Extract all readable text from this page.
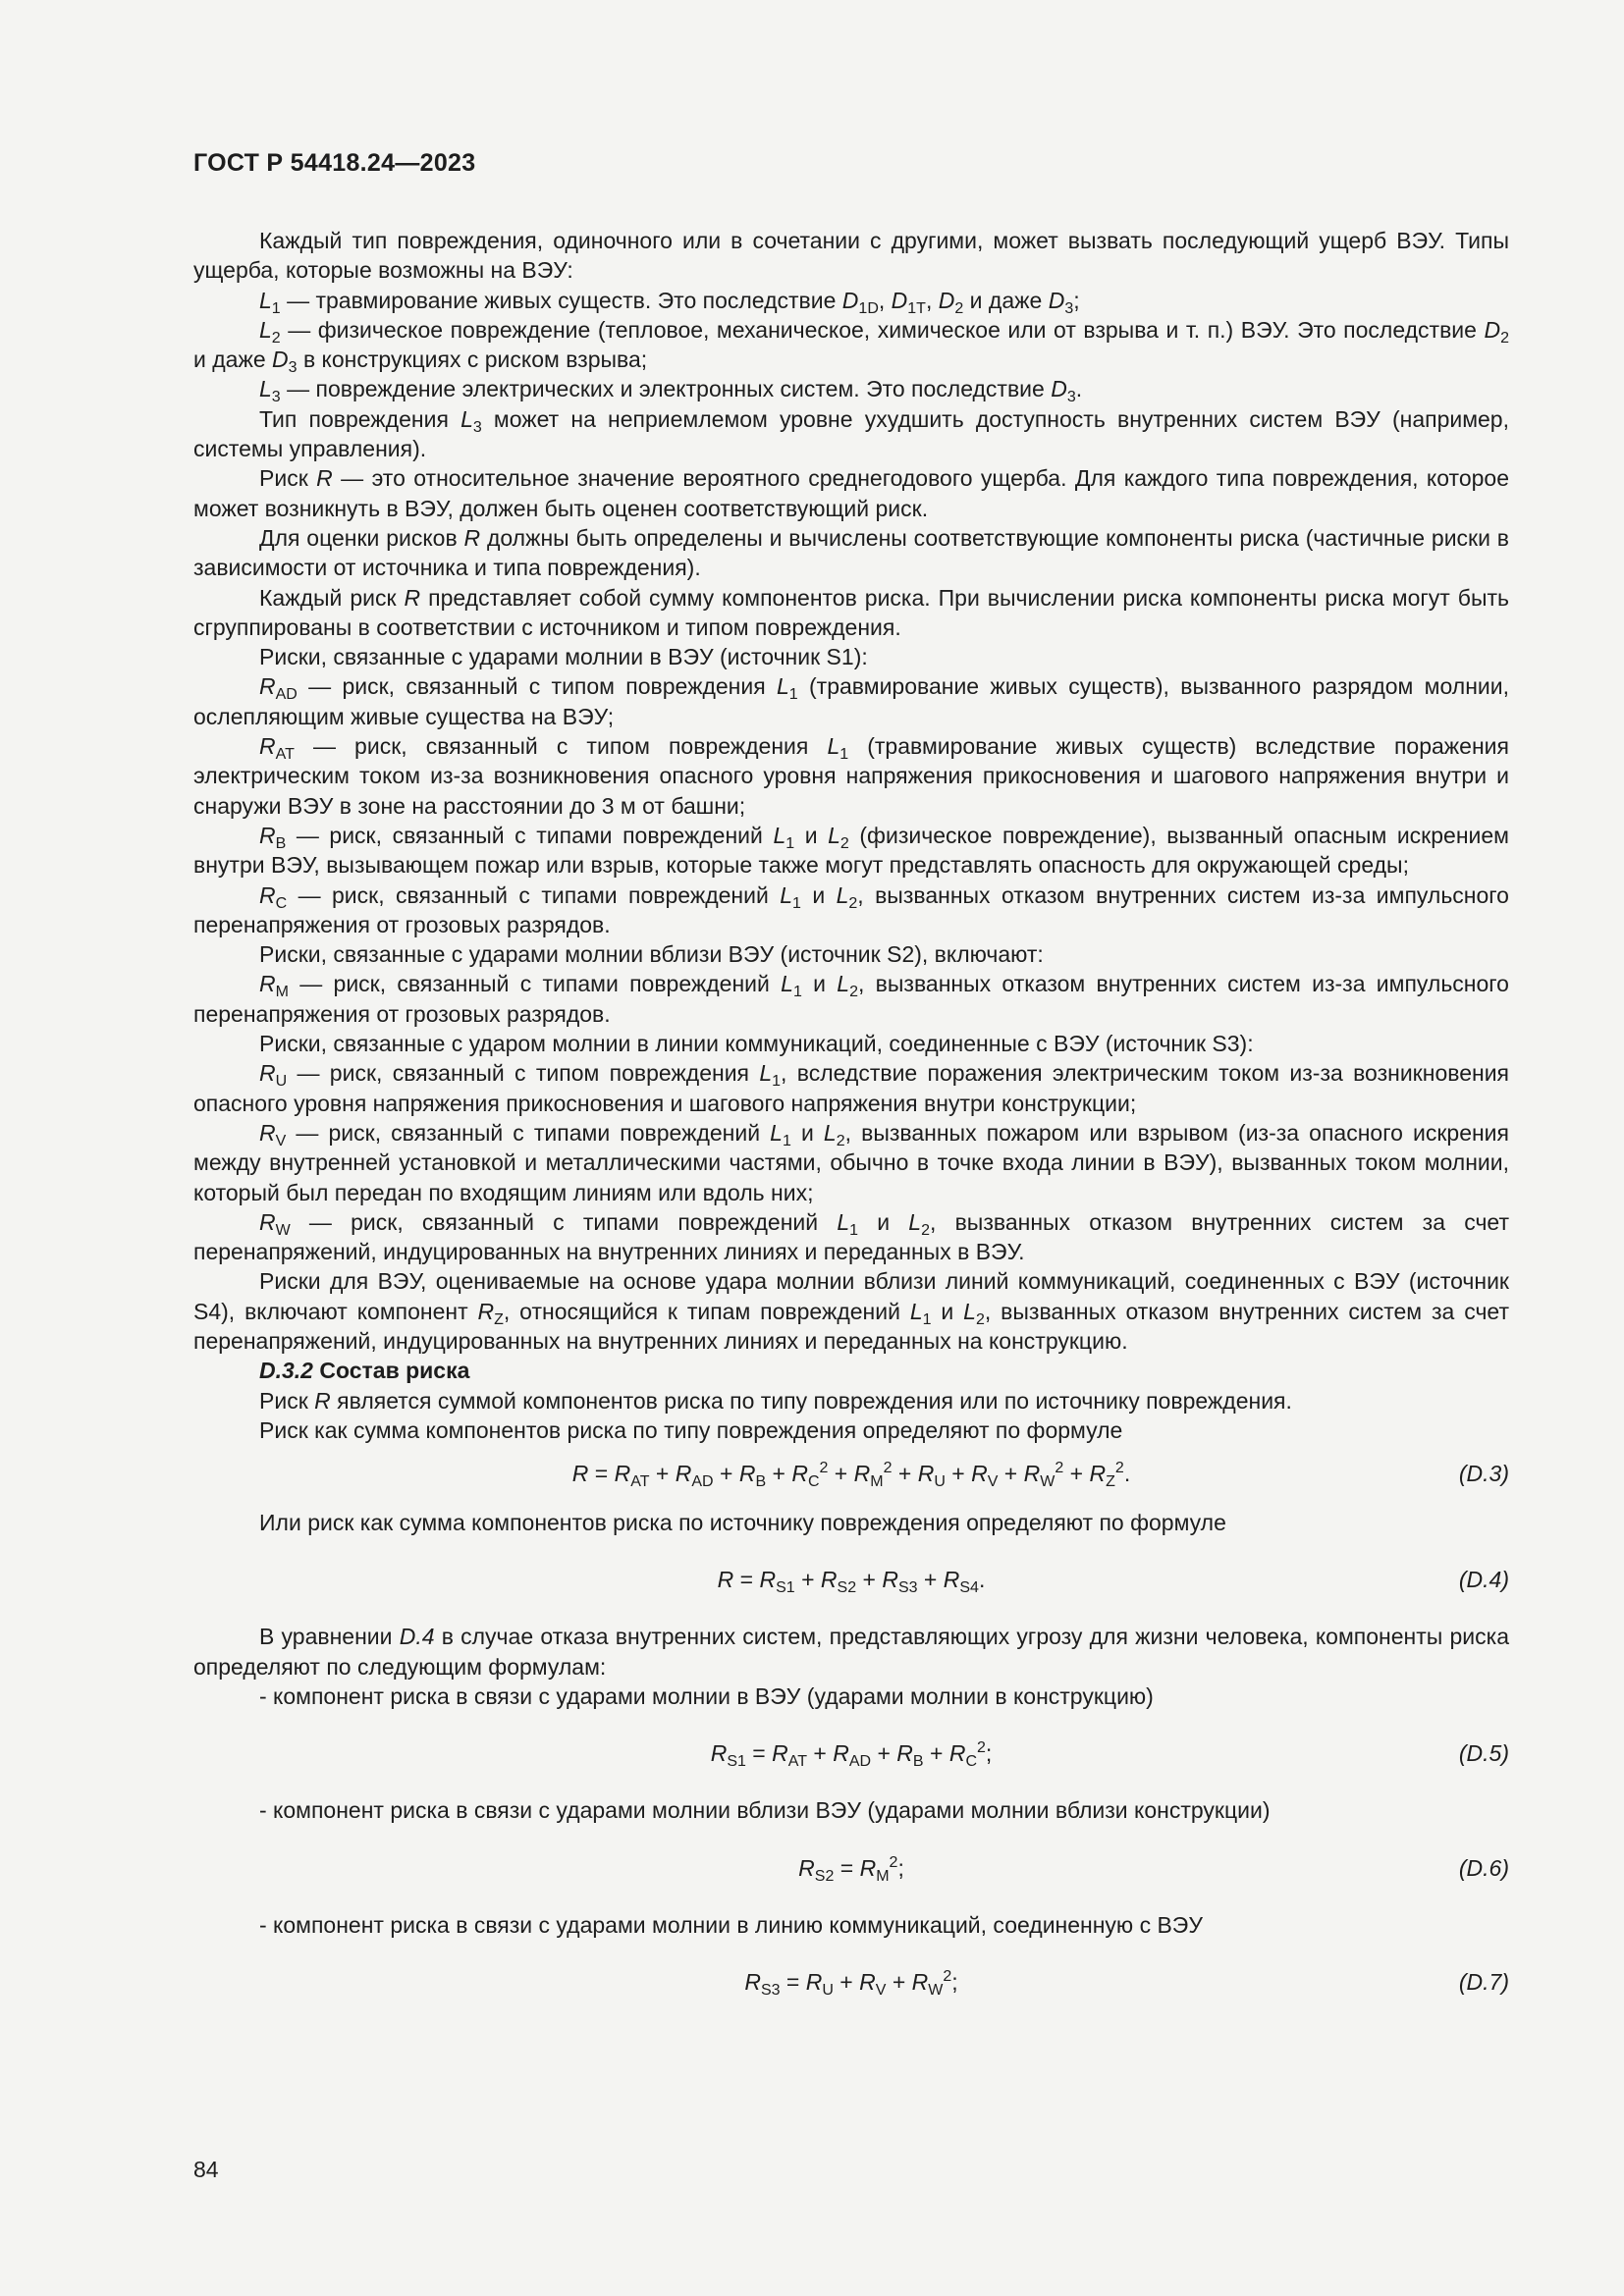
ГОСТ Р 54418.24—2023

Каждый тип повреждения, одиночного или в сочетании с другими, может вызвать последующий ущерб ВЭУ. Типы ущерба, которые возможны на ВЭУ:

$L_1$ — травмирование живых существ. Это последствие $D_{1D}$, $D_{1T}$, $D_2$ и даже $D_3$;

$L_2$ — физическое повреждение (тепловое, механическое, химическое или от взрыва и т. п.) ВЭУ. Это последствие $D_2$ и даже $D_3$ в конструкциях с риском взрыва;

$L_3$ — повреждение электрических и электронных систем. Это последствие $D_3$.

Тип повреждения $L_3$ может на неприемлемом уровне ухудшить доступность внутренних систем ВЭУ (например, системы управления).

Риск R — это относительное значение вероятного среднегодового ущерба. Для каждого типа повреждения, которое может возникнуть в ВЭУ, должен быть оценен соответствующий риск.

Для оценки рисков R должны быть определены и вычислены соответствующие компоненты риска (частичные риски в зависимости от источника и типа повреждения).

Каждый риск R представляет собой сумму компонентов риска. При вычислении риска компоненты риска могут быть сгруппированы в соответствии с источником и типом повреждения.

Риски, связанные с ударами молнии в ВЭУ (источник S1):

$R_{AD}$ — риск, связанный с типом повреждения $L_1$ (травмирование живых существ), вызванного разрядом молнии, ослепляющим живые существа на ВЭУ;

$R_{AT}$ — риск, связанный с типом повреждения $L_1$ (травмирование живых существ) вследствие поражения электрическим током из-за возникновения опасного уровня напряжения прикосновения и шагового напряжения внутри и снаружи ВЭУ в зоне на расстоянии до 3 м от башни;

$R_B$ — риск, связанный с типами повреждений $L_1$ и $L_2$ (физическое повреждение), вызванный опасным искрением внутри ВЭУ, вызывающем пожар или взрыв, которые также могут представлять опасность для окружающей среды;

$R_C$ — риск, связанный с типами повреждений $L_1$ и $L_2$, вызванных отказом внутренних систем из-за импульсного перенапряжения от грозовых разрядов.

Риски, связанные с ударами молнии вблизи ВЭУ (источник S2), включают:

$R_M$ — риск, связанный с типами повреждений $L_1$ и $L_2$, вызванных отказом внутренних систем из-за импульсного перенапряжения от грозовых разрядов.

Риски, связанные с ударом молнии в линии коммуникаций, соединенные с ВЭУ (источник S3):

$R_U$ — риск, связанный с типом повреждения $L_1$, вследствие поражения электрическим током из-за возникновения опасного уровня напряжения прикосновения и шагового напряжения внутри конструкции;

$R_V$ — риск, связанный с типами повреждений $L_1$ и $L_2$, вызванных пожаром или взрывом (из-за опасного искрения между внутренней установкой и металлическими частями, обычно в точке входа линии в ВЭУ), вызванных током молнии, который был передан по входящим линиям или вдоль них;

$R_W$ — риск, связанный с типами повреждений $L_1$ и $L_2$, вызванных отказом внутренних систем за счет перенапряжений, индуцированных на внутренних линиях и переданных в ВЭУ.

Риски для ВЭУ, оцениваемые на основе удара молнии вблизи линий коммуникаций, соединенных с ВЭУ (источник S4), включают компонент $R_Z$, относящийся к типам повреждений $L_1$ и $L_2$, вызванных отказом внутренних систем за счет перенапряжений, индуцированных на внутренних линиях и переданных на конструкцию.

D.3.2 Состав риска

Риск R является суммой компонентов риска по типу повреждения или по источнику повреждения.

Риск как сумма компонентов риска по типу повреждения определяют по формуле

$R = R_{AT} + R_{AD} + R_B + R_C^2 + R_M^2 + R_U + R_V + R_W^2 + R_Z^2$.	(D.3)

Или риск как сумма компонентов риска по источнику повреждения определяют по формуле

$R = R_{S1} + R_{S2} + R_{S3} + R_{S4}$.	(D.4)

В уравнении D.4 в случае отказа внутренних систем, представляющих угрозу для жизни человека, компоненты риска определяют по следующим формулам:

- компонент риска в связи с ударами молнии в ВЭУ (ударами молнии в конструкцию)

$R_{S1} = R_{AT} + R_{AD} + R_B + R_C^2$;	(D.5)

- компонент риска в связи с ударами молнии вблизи ВЭУ (ударами молнии вблизи конструкции)

$R_{S2} = R_M^2$;	(D.6)

- компонент риска в связи с ударами молнии в линию коммуникаций, соединенную с ВЭУ

$R_{S3} = R_U + R_V + R_W^2$;	(D.7)
84
